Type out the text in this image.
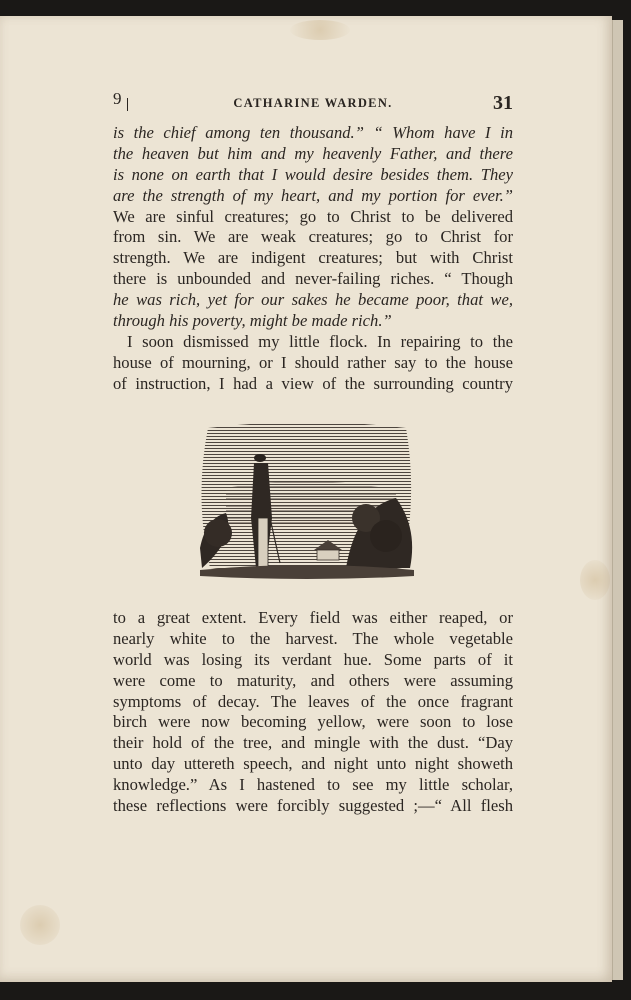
9	CATHARINE WARDEN.	31
is the chief among ten thousand.” “ Whom have I in
the heaven but him and my heavenly Father, and there
is none on earth that I would desire besides them. They
are the strength of my heart, and my portion for ever.”
We are sinful creatures; go to Christ to be delivered
from sin. We are weak creatures; go to Christ for
strength. We are indigent creatures; but with Christ
there is unbounded and never-failing riches. “ Though
he was rich, yet for our sakes he became poor, that we,
through his poverty, might be made rich.”
I soon dismissed my little flock. In repairing to the
house of mourning, or I should rather say to the house
of instruction, I had a view of the surrounding country
to a great extent. Every field was either reaped, or
nearly white to the harvest. The whole vegetable
world was losing its verdant hue. Some parts of it
were come to maturity, and others were assuming
symptoms of decay. The leaves of the once fragrant
birch were now becoming yellow, were soon to lose
their hold of the tree, and mingle with the dust. “Day
unto day uttereth speech, and night unto night showeth
knowledge.” As I hastened to see my little scholar,
these reflections were forcibly suggested ;—“ All flesh
